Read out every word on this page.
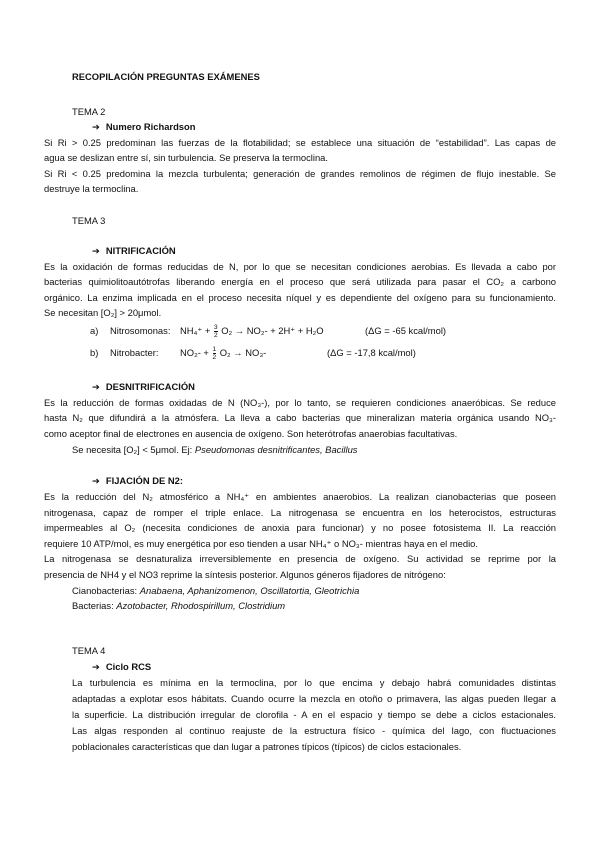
RECOPILACIÓN PREGUNTAS EXÁMENES
TEMA 2
➔ Numero Richardson
Si Ri > 0.25 predominan las fuerzas de la flotabilidad; se establece una situación de “estabilidad”. Las capas de
agua se deslizan entre sí, sin turbulencia. Se preserva la termoclina.
Si Ri < 0.25 predomina la mezcla turbulenta; generación de grandes remolinos de régimen de flujo inestable. Se
destruye la termoclina.
TEMA 3
➔ NITRIFICACIÓN
Es la oxidación de formas reducidas de N, por lo que se necesitan condiciones aerobias. Es llevada a cabo por
bacterias quimiolitoautótrofas liberando energía en el proceso que será utilizada para pasar el CO₂ a carbono
orgánico. La enzima implicada en el proceso necesita níquel y es dependiente del oxígeno para su funcionamiento.
Se necesitan [O₂] > 20μmol.
a) Nitrosomonas: $NH_4^+ + \frac{3}{2} O_2 \to NO_2- + 2H^+ + H_2O$	(ΔG = -65 kcal/mol)
b) Nitrobacter: $NO_2- + \frac{1}{2} O_2 \to NO_3-$	(ΔG = -17,8 kcal/mol)
➔ DESNITRIFICACIÓN
Es la reducción de formas oxidadas de N (NO₃-), por lo tanto, se requieren condiciones anaeróbicas. Se reduce
hasta N₂ que difundirá a la atmósfera. La lleva a cabo bacterias que mineralizan materia orgánica usando NO₃-
como aceptor final de electrones en ausencia de oxígeno. Son heterótrofas anaerobias facultativas.
Se necesita [O₂] < 5μmol. Ej: Pseudomonas desnitrificantes, Bacillus
➔ FIJACIÓN DE N2:
Es la reducción del N₂ atmosférico a NH₄⁺ en ambientes anaerobios. La realizan cianobacterias que poseen
nitrogenasa, capaz de romper el triple enlace. La nitrogenasa se encuentra en los heterocistos, estructuras
impermeables al O₂ (necesita condiciones de anoxia para funcionar) y no posee fotosistema II. La reacción
requiere 10 ATP/mol, es muy energética por eso tienden a usar NH₄⁺ o NO₃- mientras haya en el medio.
La nitrogenasa se desnaturaliza irreversiblemente en presencia de oxígeno. Su actividad se reprime por la
presencia de NH4 y el NO3 reprime la síntesis posterior. Algunos géneros fijadores de nitrógeno:
Cianobacterias: Anabaena, Aphanizomenon, Oscillatortia, Gleotrichia
Bacterias: Azotobacter, Rhodospirillum, Clostridium
TEMA 4
➔ Ciclo RCS
La turbulencia es mínima en la termoclina, por lo que encima y debajo habrá comunidades distintas
adaptadas a explotar esos hábitats. Cuando ocurre la mezcla en otoño o primavera, las algas pueden llegar a
la superficie. La distribución irregular de clorofila - A en el espacio y tiempo se debe a ciclos estacionales.
Las algas responden al continuo reajuste de la estructura físico - química del lago, con fluctuaciones
poblacionales características que dan lugar a patrones típicos (típicos) de ciclos estacionales.
